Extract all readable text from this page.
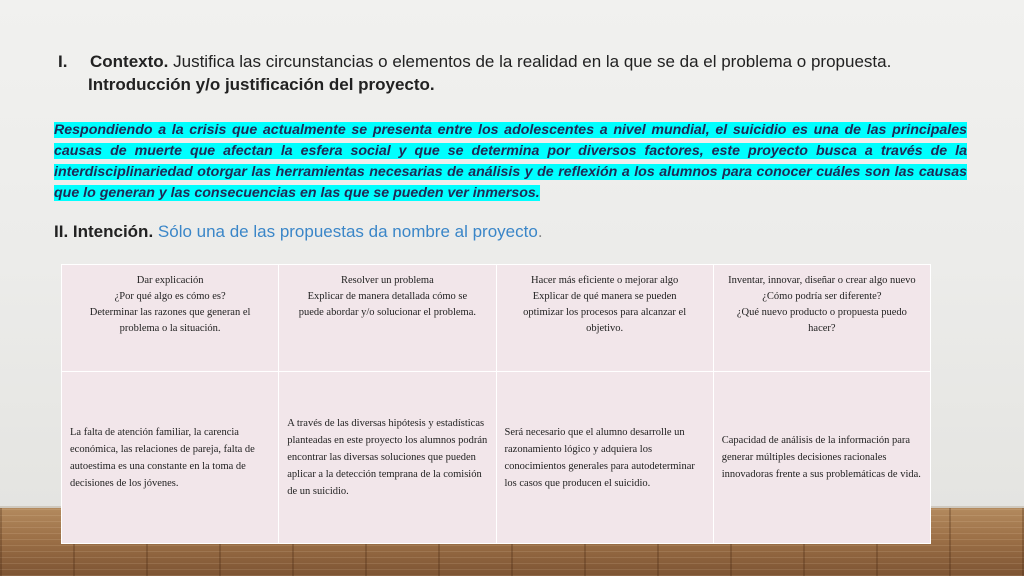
I. Contexto. Justifica las circunstancias o elementos de la realidad en la que se da el problema o propuesta.
Introducción y/o justificación del proyecto.
Respondiendo a la crisis que actualmente se presenta entre los adolescentes a nivel mundial, el suicidio es una de las principales causas de muerte que afectan la esfera social y que se determina por diversos factores, este proyecto busca a través de la interdisciplinariedad otorgar las herramientas necesarias de análisis y de reflexión a los alumnos para conocer cuáles son las causas que lo generan y las consecuencias en las que se pueden ver inmersos.
II. Intención. Sólo una de las propuestas da nombre al proyecto.
Dar explicación
¿Por qué algo es cómo es?
Determinar las razones que generan el
problema o la situación.	Resolver un problema
Explicar de manera detallada cómo se
puede abordar y/o solucionar el problema.	Hacer más eficiente o mejorar algo
Explicar de qué manera se pueden
optimizar los procesos para alcanzar el
objetivo.	Inventar, innovar, diseñar o crear algo nuevo
¿Cómo podría ser diferente?
¿Qué nuevo producto o propuesta puedo
hacer?

La falta de atención familiar, la carencia económica, las relaciones de pareja, falta de autoestima es una constante en la toma de decisiones de los jóvenes.	A través de las diversas hipótesis y estadísticas planteadas en este proyecto los alumnos podrán encontrar las diversas soluciones que pueden aplicar a la detección temprana de la comisión de un suicidio.	Será necesario que el alumno desarrolle un razonamiento lógico y adquiera los conocimientos generales para autodeterminar los casos que producen el suicidio.	Capacidad de análisis de la información para generar múltiples decisiones racionales innovadoras frente a sus problemáticas de vida.
